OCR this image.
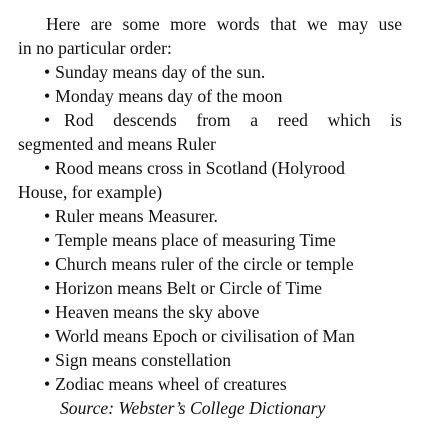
Here are some more words that we may use
in no particular order:
• Sunday means day of the sun.
• Monday means day of the moon
• Rod descends from a reed which is
segmented and means Ruler
• Rood means cross in Scotland (Holyrood
House, for example)
• Ruler means Measurer.
• Temple means place of measuring Time
• Church means ruler of the circle or temple
• Horizon means Belt or Circle of Time
• Heaven means the sky above
• World means Epoch or civilisation of Man
• Sign means constellation
• Zodiac means wheel of creatures
Source: Webster’s College Dictionary
